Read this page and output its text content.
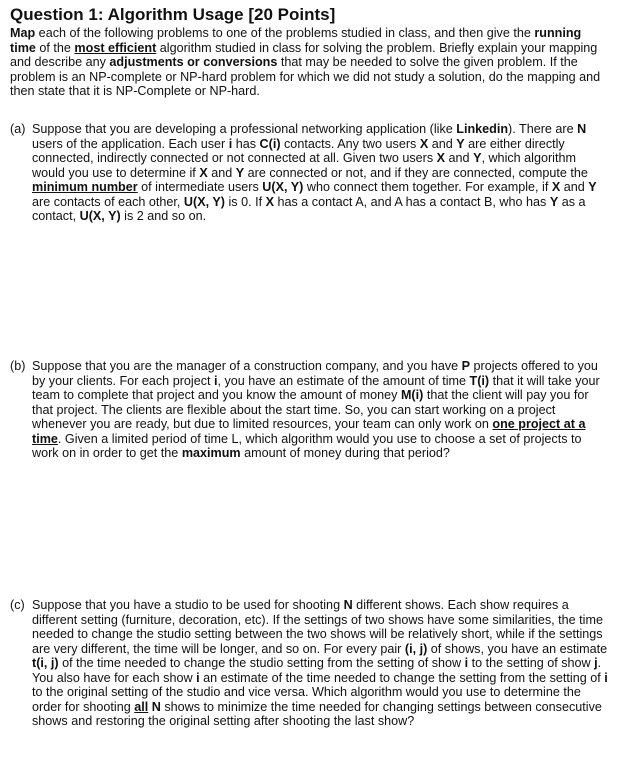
Question 1: Algorithm Usage [20 Points]

Map each of the following problems to one of the problems studied in class, and then give the running time of the most efficient algorithm studied in class for solving the problem. Briefly explain your mapping and describe any adjustments or conversions that may be needed to solve the given problem. If the problem is an NP-complete or NP-hard problem for which we did not study a solution, do the mapping and then state that it is NP-Complete or NP-hard.

(a) Suppose that you are developing a professional networking application (like Linkedin). There are N users of the application. Each user i has C(i) contacts. Any two users X and Y are either directly connected, indirectly connected or not connected at all. Given two users X and Y, which algorithm would you use to determine if X and Y are connected or not, and if they are connected, compute the minimum number of intermediate users U(X, Y) who connect them together. For example, if X and Y are contacts of each other, U(X, Y) is 0. If X has a contact A, and A has a contact B, who has Y as a contact, U(X, Y) is 2 and so on.
(b) Suppose that you are the manager of a construction company, and you have P projects offered to you by your clients. For each project i, you have an estimate of the amount of time T(i) that it will take your team to complete that project and you know the amount of money M(i) that the client will pay you for that project. The clients are flexible about the start time. So, you can start working on a project whenever you are ready, but due to limited resources, your team can only work on one project at a time. Given a limited period of time L, which algorithm would you use to choose a set of projects to work on in order to get the maximum amount of money during that period?
(c) Suppose that you have a studio to be used for shooting N different shows. Each show requires a different setting (furniture, decoration, etc). If the settings of two shows have some similarities, the time needed to change the studio setting between the two shows will be relatively short, while if the settings are very different, the time will be longer, and so on. For every pair (i, j) of shows, you have an estimate t(i, j) of the time needed to change the studio setting from the setting of show i to the setting of show j. You also have for each show i an estimate of the time needed to change the setting from the setting of i to the original setting of the studio and vice versa. Which algorithm would you use to determine the order for shooting all N shows to minimize the time needed for changing settings between consecutive shows and restoring the original setting after shooting the last show?
